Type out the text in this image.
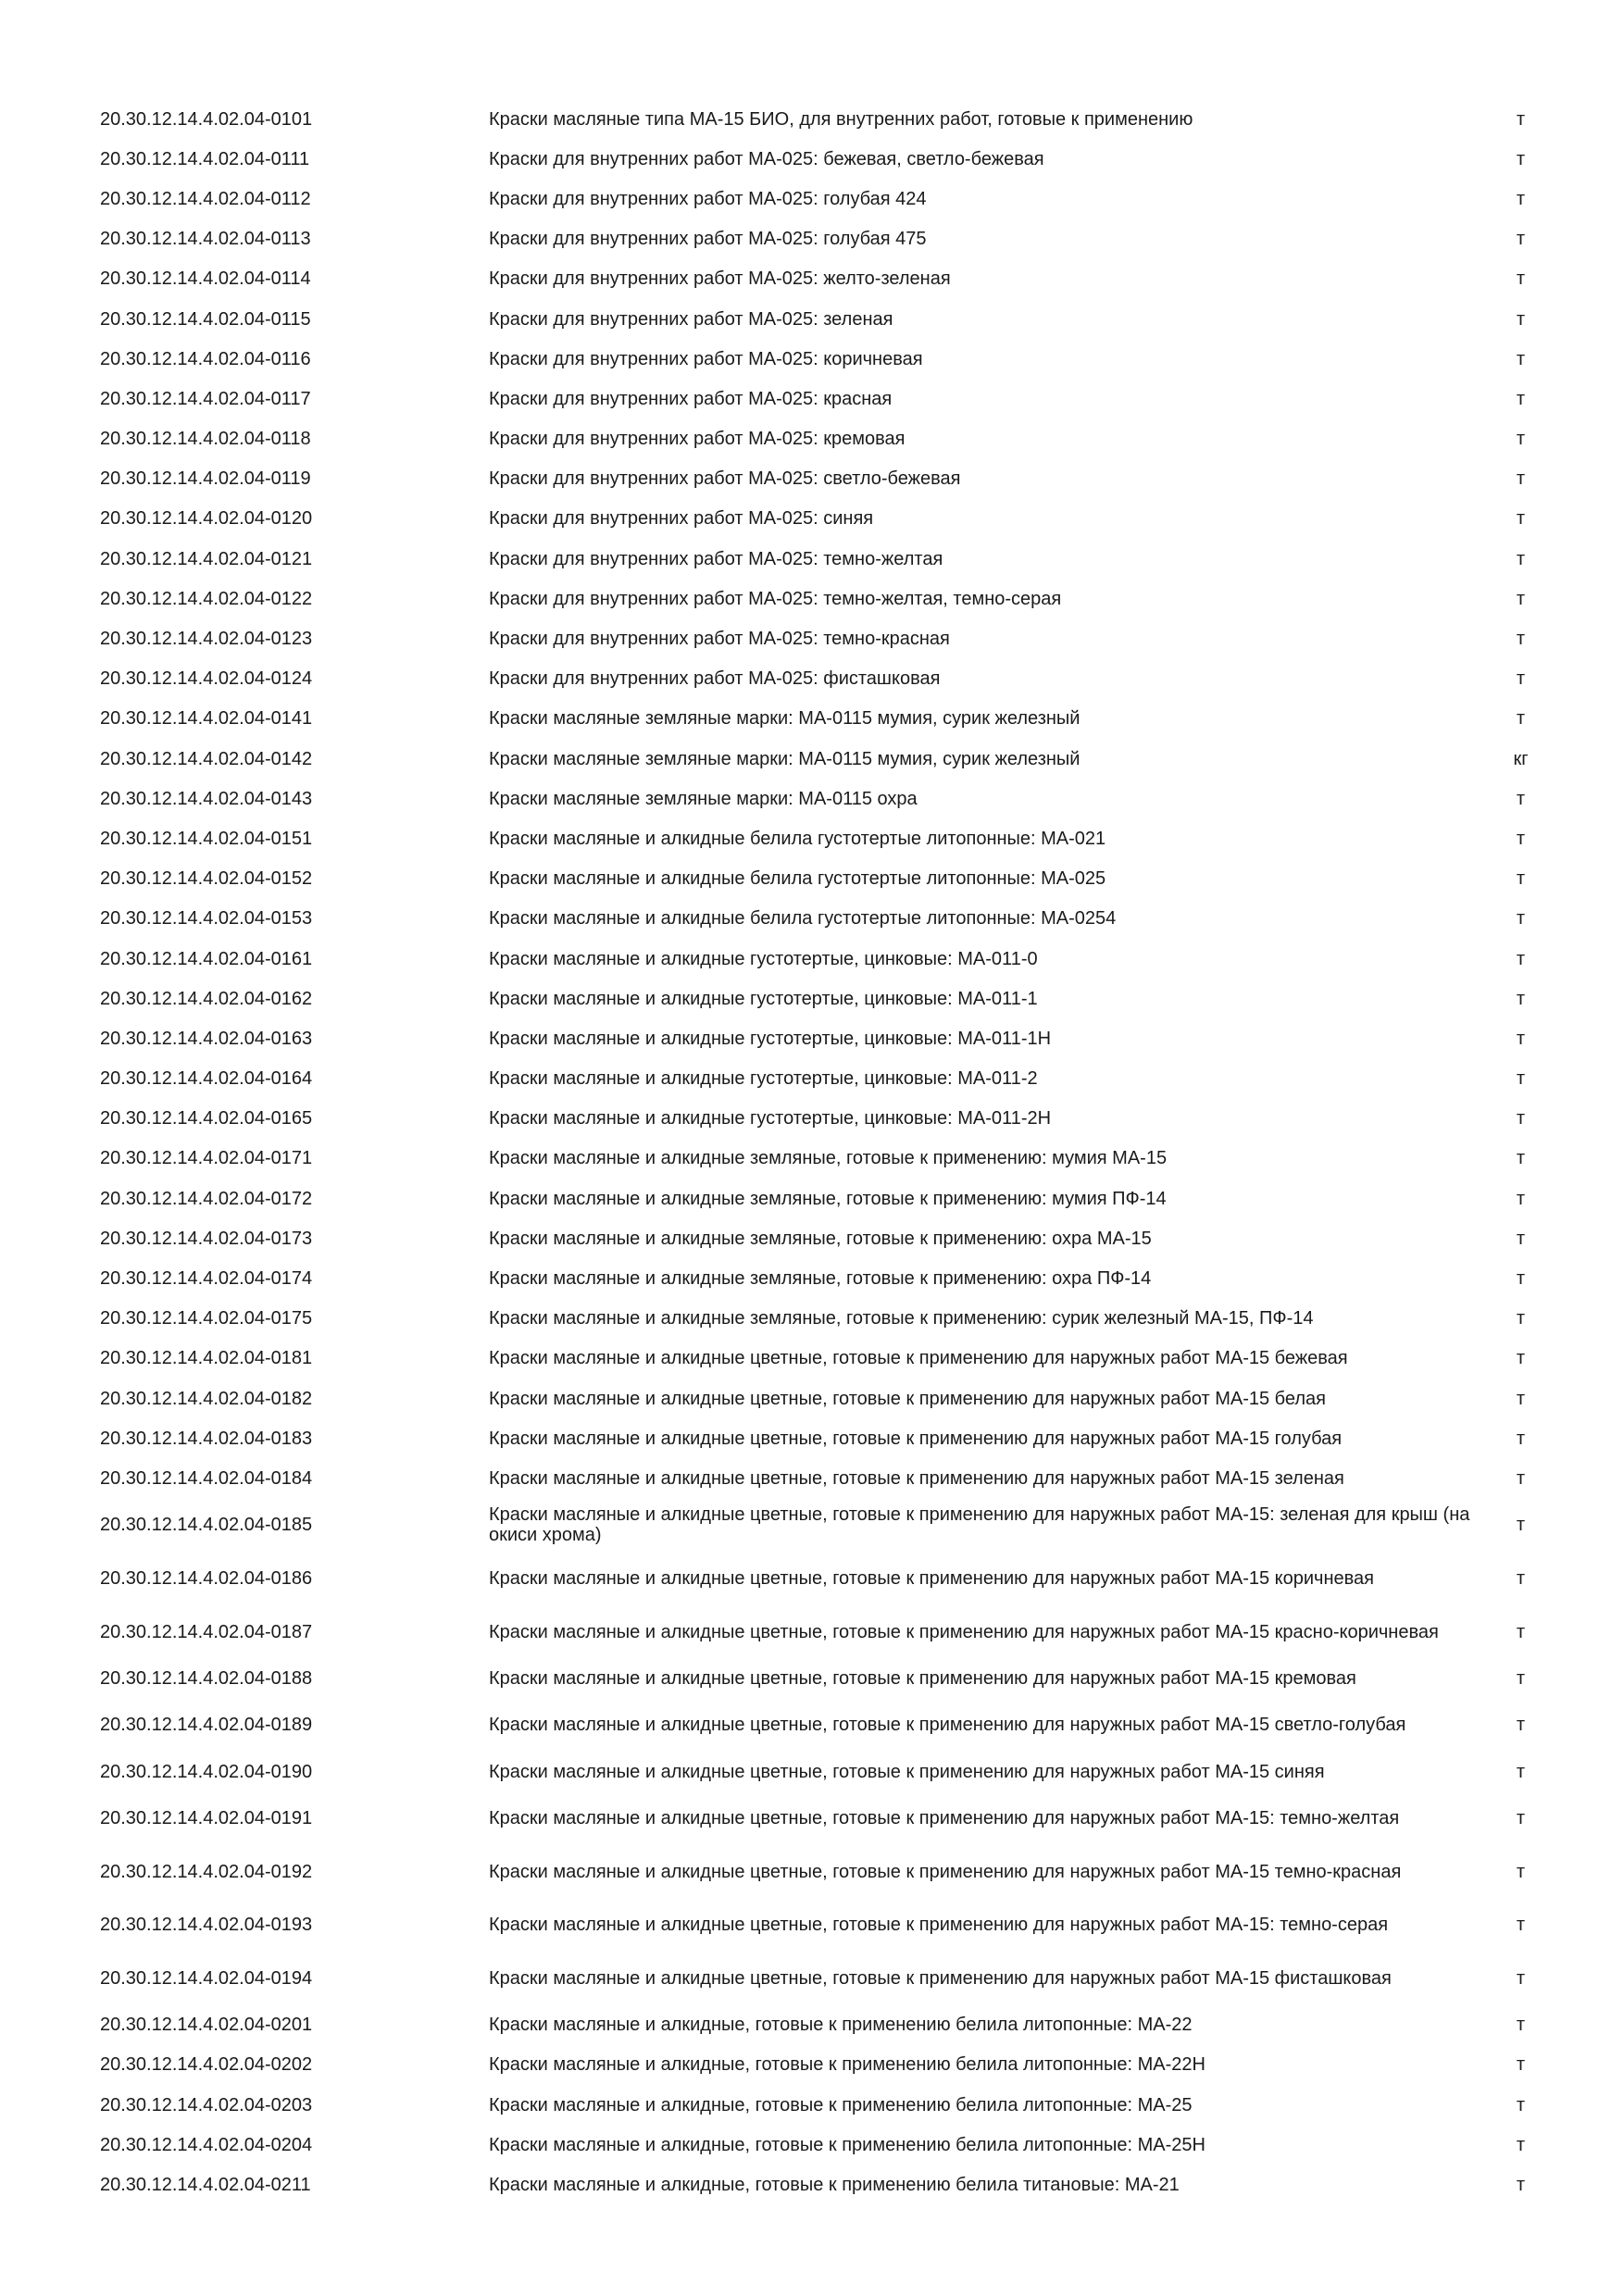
20.30.12.14.4.02.04-0101	Краски масляные типа МА-15 БИО, для внутренних работ, готовые к применению	т
20.30.12.14.4.02.04-0111	Краски для внутренних работ МА-025: бежевая, светло-бежевая	т
20.30.12.14.4.02.04-0112	Краски для внутренних работ МА-025: голубая 424	т
20.30.12.14.4.02.04-0113	Краски для внутренних работ МА-025: голубая 475	т
20.30.12.14.4.02.04-0114	Краски для внутренних работ МА-025: желто-зеленая	т
20.30.12.14.4.02.04-0115	Краски для внутренних работ МА-025: зеленая	т
20.30.12.14.4.02.04-0116	Краски для внутренних работ МА-025: коричневая	т
20.30.12.14.4.02.04-0117	Краски для внутренних работ МА-025: красная	т
20.30.12.14.4.02.04-0118	Краски для внутренних работ МА-025: кремовая	т
20.30.12.14.4.02.04-0119	Краски для внутренних работ МА-025: светло-бежевая	т
20.30.12.14.4.02.04-0120	Краски для внутренних работ МА-025: синяя	т
20.30.12.14.4.02.04-0121	Краски для внутренних работ МА-025: темно-желтая	т
20.30.12.14.4.02.04-0122	Краски для внутренних работ МА-025: темно-желтая, темно-серая	т
20.30.12.14.4.02.04-0123	Краски для внутренних работ МА-025: темно-красная	т
20.30.12.14.4.02.04-0124	Краски для внутренних работ МА-025: фисташковая	т
20.30.12.14.4.02.04-0141	Краски масляные земляные марки: МА-0115 мумия, сурик железный	т
20.30.12.14.4.02.04-0142	Краски масляные земляные марки: МА-0115 мумия, сурик железный	кг
20.30.12.14.4.02.04-0143	Краски масляные земляные марки: МА-0115 охра	т
20.30.12.14.4.02.04-0151	Краски масляные и алкидные белила густотертые литопонные: МА-021	т
20.30.12.14.4.02.04-0152	Краски масляные и алкидные белила густотертые литопонные: МА-025	т
20.30.12.14.4.02.04-0153	Краски масляные и алкидные белила густотертые литопонные: МА-0254	т
20.30.12.14.4.02.04-0161	Краски масляные и алкидные густотертые, цинковые: МА-011-0	т
20.30.12.14.4.02.04-0162	Краски масляные и алкидные густотертые, цинковые: МА-011-1	т
20.30.12.14.4.02.04-0163	Краски масляные и алкидные густотертые, цинковые: МА-011-1Н	т
20.30.12.14.4.02.04-0164	Краски масляные и алкидные густотертые, цинковые: МА-011-2	т
20.30.12.14.4.02.04-0165	Краски масляные и алкидные густотертые, цинковые: МА-011-2Н	т
20.30.12.14.4.02.04-0171	Краски масляные и алкидные земляные, готовые к применению: мумия МА-15	т
20.30.12.14.4.02.04-0172	Краски масляные и алкидные земляные, готовые к применению: мумия ПФ-14	т
20.30.12.14.4.02.04-0173	Краски масляные и алкидные земляные, готовые к применению: охра МА-15	т
20.30.12.14.4.02.04-0174	Краски масляные и алкидные земляные, готовые к применению: охра ПФ-14	т
20.30.12.14.4.02.04-0175	Краски масляные и алкидные земляные, готовые к применению: сурик железный МА-15, ПФ-14	т
20.30.12.14.4.02.04-0181	Краски масляные и алкидные цветные, готовые к применению для наружных работ МА-15 бежевая	т
20.30.12.14.4.02.04-0182	Краски масляные и алкидные цветные, готовые к применению для наружных работ МА-15 белая	т
20.30.12.14.4.02.04-0183	Краски масляные и алкидные цветные, готовые к применению для наружных работ МА-15 голубая	т
20.30.12.14.4.02.04-0184	Краски масляные и алкидные цветные, готовые к применению для наружных работ МА-15 зеленая	т
20.30.12.14.4.02.04-0185	Краски масляные и алкидные цветные, готовые к применению для наружных работ МА-15: зеленая для крыш (на окиси хрома)	т
20.30.12.14.4.02.04-0186	Краски масляные и алкидные цветные, готовые к применению для наружных работ МА-15 коричневая	т
20.30.12.14.4.02.04-0187	Краски масляные и алкидные цветные, готовые к применению для наружных работ МА-15 красно-коричневая	т
20.30.12.14.4.02.04-0188	Краски масляные и алкидные цветные, готовые к применению для наружных работ МА-15 кремовая	т
20.30.12.14.4.02.04-0189	Краски масляные и алкидные цветные, готовые к применению для наружных работ МА-15 светло-голубая	т
20.30.12.14.4.02.04-0190	Краски масляные и алкидные цветные, готовые к применению для наружных работ МА-15 синяя	т
20.30.12.14.4.02.04-0191	Краски масляные и алкидные цветные, готовые к применению для наружных работ МА-15: темно-желтая	т
20.30.12.14.4.02.04-0192	Краски масляные и алкидные цветные, готовые к применению для наружных работ МА-15 темно-красная	т
20.30.12.14.4.02.04-0193	Краски масляные и алкидные цветные, готовые к применению для наружных работ МА-15: темно-серая	т
20.30.12.14.4.02.04-0194	Краски масляные и алкидные цветные, готовые к применению для наружных работ МА-15 фисташковая	т
20.30.12.14.4.02.04-0201	Краски масляные и алкидные, готовые к применению белила литопонные: МА-22	т
20.30.12.14.4.02.04-0202	Краски масляные и алкидные, готовые к применению белила литопонные: МА-22Н	т
20.30.12.14.4.02.04-0203	Краски масляные и алкидные, готовые к применению белила литопонные: МА-25	т
20.30.12.14.4.02.04-0204	Краски масляные и алкидные, готовые к применению белила литопонные: МА-25Н	т
20.30.12.14.4.02.04-0211	Краски масляные и алкидные, готовые к применению белила титановые: МА-21	т
